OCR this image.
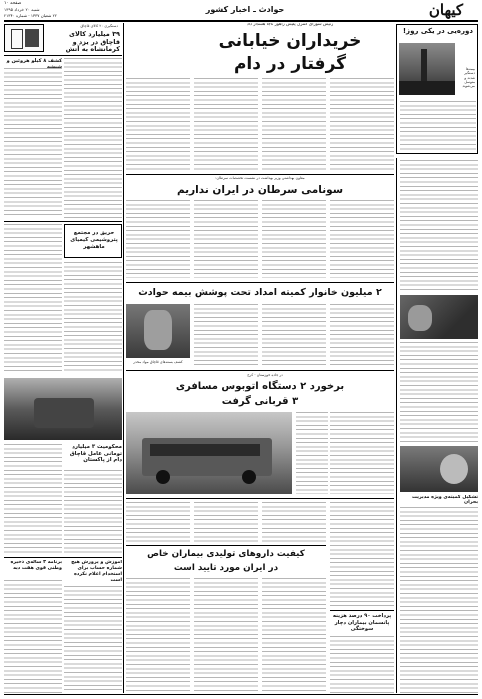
کیهان
حوادث ـ اخبار کشور
صفحه ۱۰
شنبه ۲۰ خرداد ۱۳۹۵
۲۲ شعبان ۱۴۳۷ - شماره ۲۱۳۴۰
دوره‌یی در یکی روز!
بیمه‌ها دستگیر شدند و متوسل می‌شوند
رئیس شورای کنترل پلیس راهور ناجا هشدار داد
خریداران خیابانی
گرفتار در دام
دستگیری ۲۰ کالای قاچاق
۳۹ میلیارد کالای قاچاق در یزد و کرمانشاه به آتش
کشف ۸ کیلو هروئین و شیشه
تشکیل کمیته‌ی ویژه مدیریت بحران
معاون بهداشتی وزیر بهداشت در نشست تخصصات سرطان:
سونامی سرطان در ایران نداریم
حریق در مجتمع پتروشیمی کیمیای ماهشهر
۲ میلیون خانوار کمیته امداد تحت پوشش بیمه حوادث
کشف بسته‌های قاچاق مواد مخدر
در جاده خوزستان - کرج
برخورد ۲ دستگاه اتوبوس مسافری
۳ قربانی گرفت
محکومیت ۳ میلیارد تومانی عامل قاچاق دام از پاکستان
برنامه ۳ ساله‌ی ذخیره وطنی قوی هفت دیه
آموزش و پرورش هیچ شماره حساب برای استخدام اعلام نکرده است
کیفیت داروهای تولیدی بیماران خاص
در ایران مورد تایید است
پرداخت ۹۰ درصد هزینه پانسمان بیماران دچار سوختگی
